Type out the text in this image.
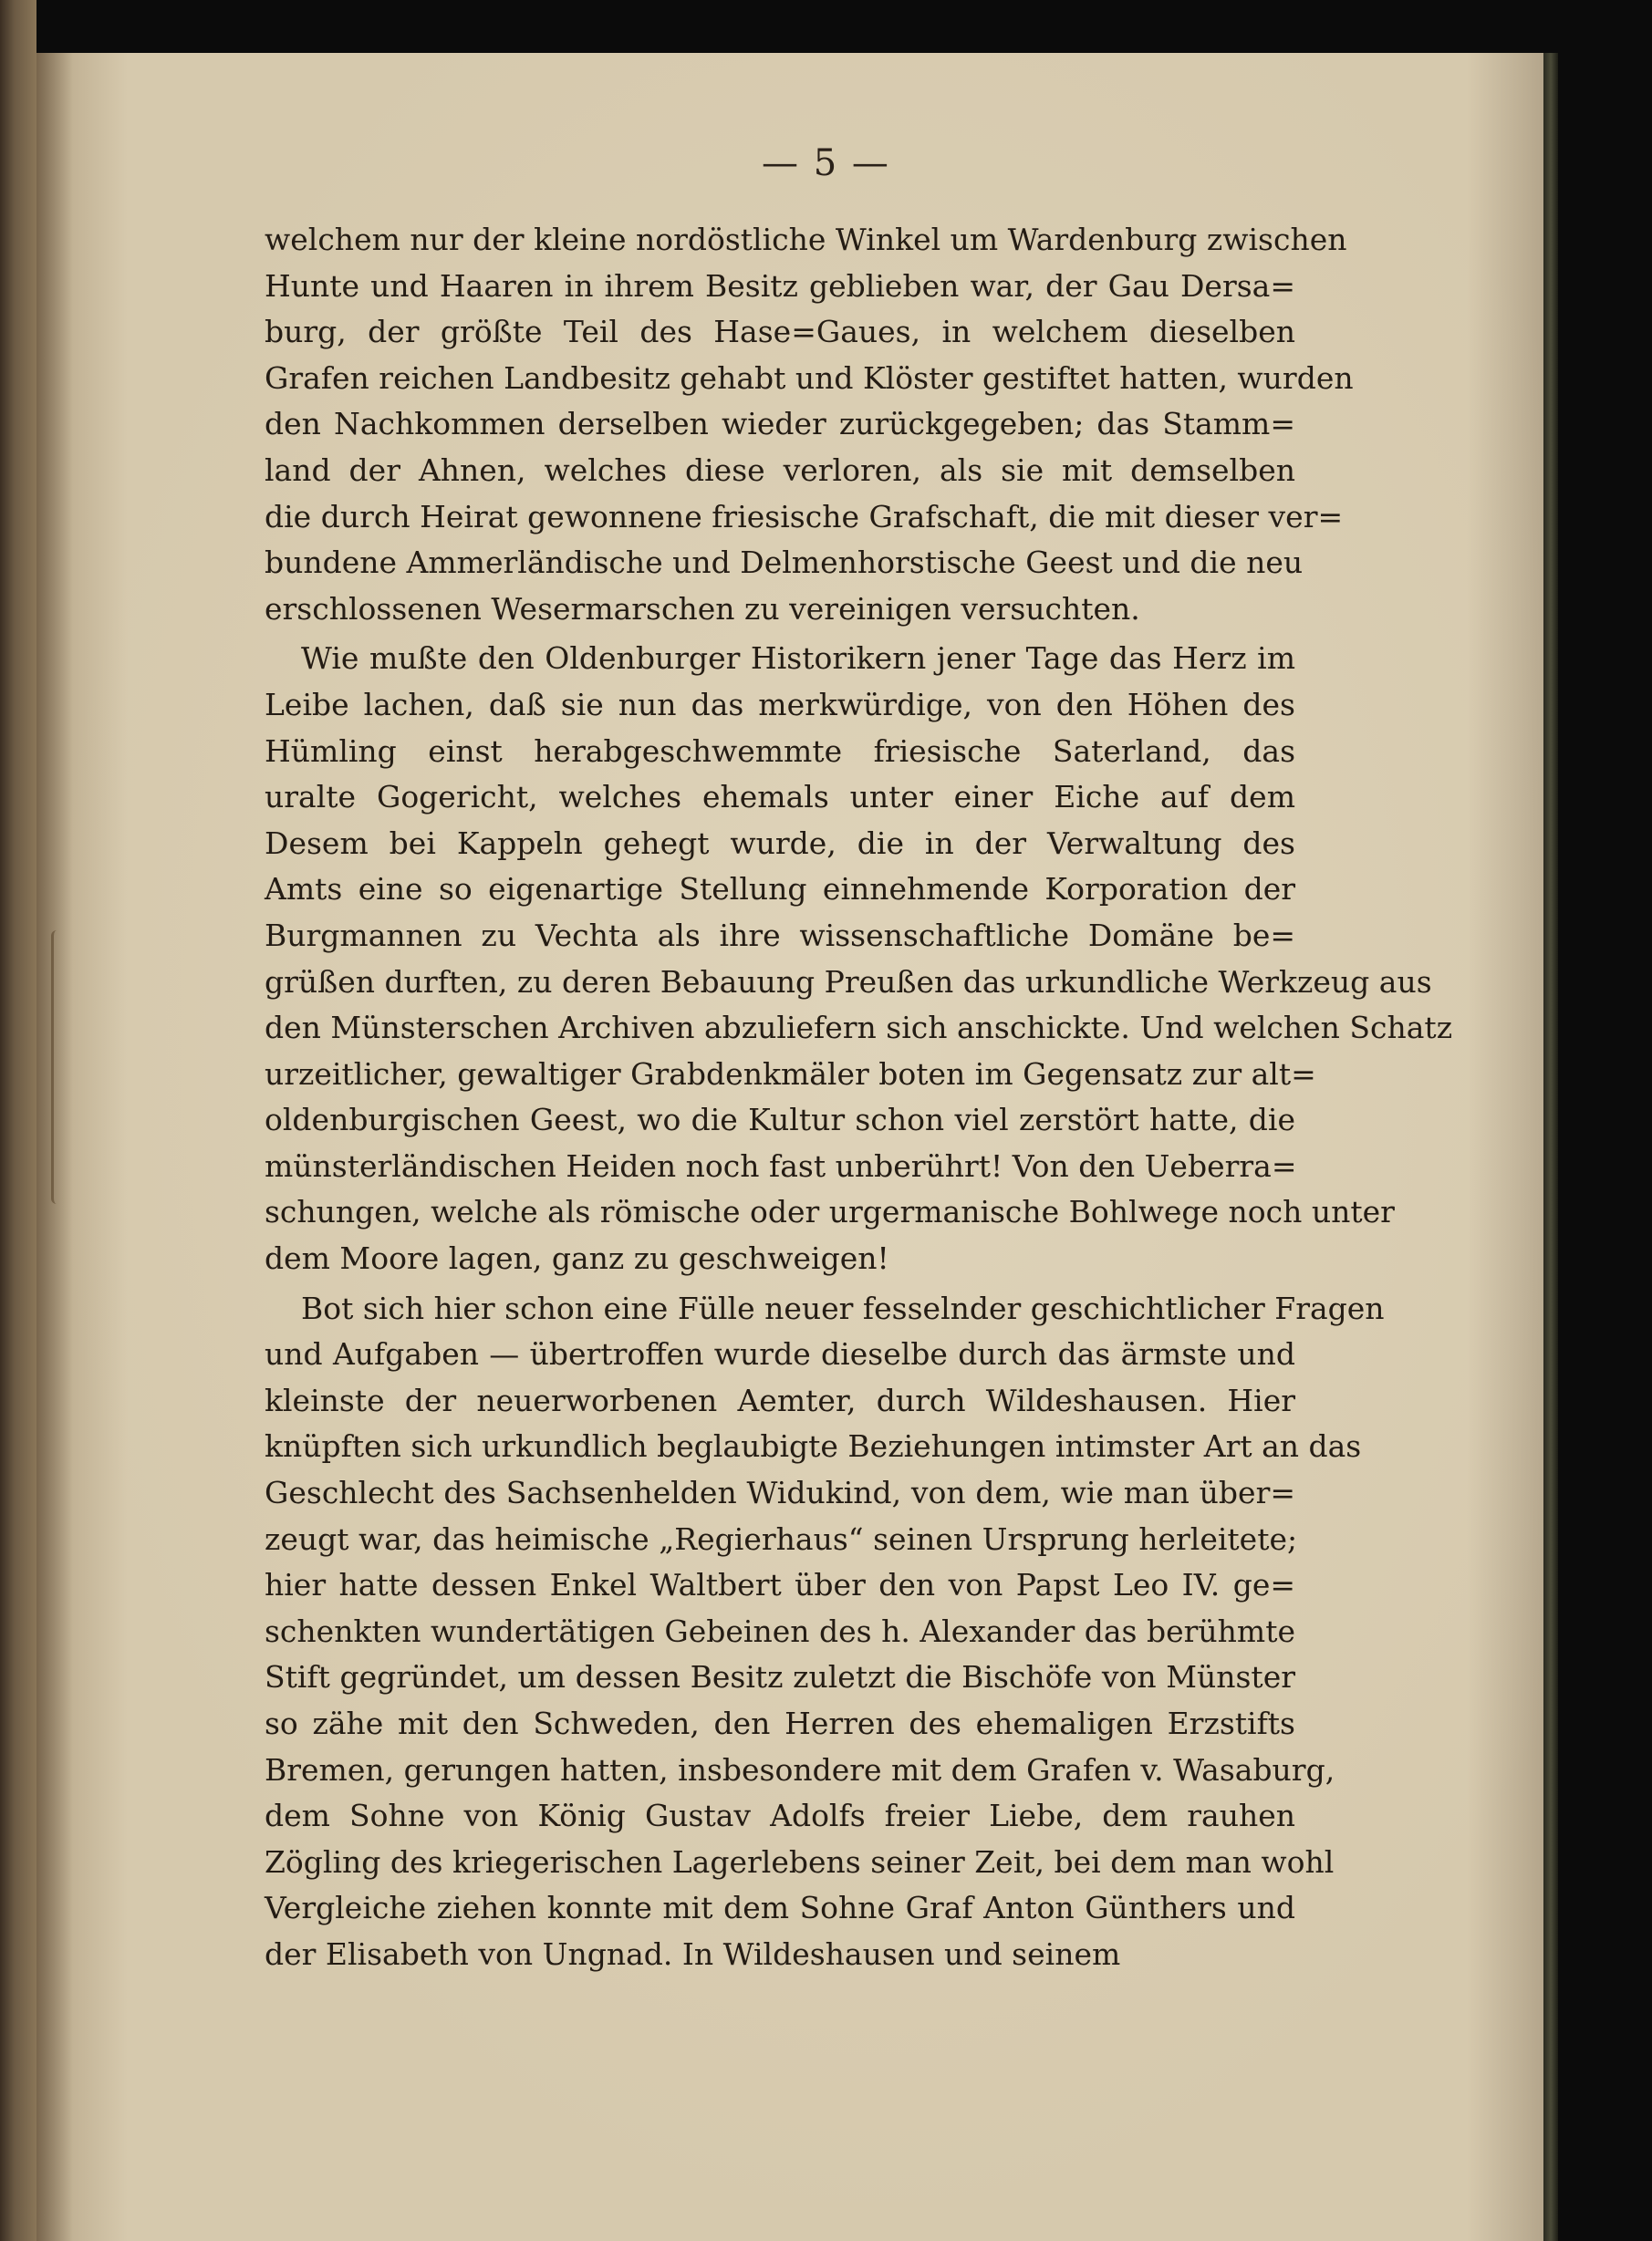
— 5 —
welchem nur der kleine nordöstliche Winkel um Wardenburg zwischen
Hunte und Haaren in ihrem Besitz geblieben war, der Gau Dersa=
burg, der größte Teil des Hase=Gaues, in welchem dieselben
Grafen reichen Landbesitz gehabt und Klöster gestiftet hatten, wurden
den Nachkommen derselben wieder zurückgegeben; das Stamm=
land der Ahnen, welches diese verloren, als sie mit demselben
die durch Heirat gewonnene friesische Grafschaft, die mit dieser ver=
bundene Ammerländische und Delmenhorstische Geest und die neu
erschlossenen Wesermarschen zu vereinigen versuchten.
Wie mußte den Oldenburger Historikern jener Tage das Herz im
Leibe lachen, daß sie nun das merkwürdige, von den Höhen des
Hümling einst herabgeschwemmte friesische Saterland, das
uralte Gogericht, welches ehemals unter einer Eiche auf dem
Desem bei Kappeln gehegt wurde, die in der Verwaltung des
Amts eine so eigenartige Stellung einnehmende Korporation der
Burgmannen zu Vechta als ihre wissenschaftliche Domäne be=
grüßen durften, zu deren Bebauung Preußen das urkundliche Werkzeug aus
den Münsterschen Archiven abzuliefern sich anschickte. Und welchen Schatz
urzeitlicher, gewaltiger Grabdenkmäler boten im Gegensatz zur alt=
oldenburgischen Geest, wo die Kultur schon viel zerstört hatte, die
münsterländischen Heiden noch fast unberührt! Von den Ueberra=
schungen, welche als römische oder urgermanische Bohlwege noch unter
dem Moore lagen, ganz zu geschweigen!
Bot sich hier schon eine Fülle neuer fesselnder geschichtlicher Fragen
und Aufgaben — übertroffen wurde dieselbe durch das ärmste und
kleinste der neuerworbenen Aemter, durch Wildeshausen. Hier
knüpften sich urkundlich beglaubigte Beziehungen intimster Art an das
Geschlecht des Sachsenhelden Widukind, von dem, wie man über=
zeugt war, das heimische „Regierhaus“ seinen Ursprung herleitete;
hier hatte dessen Enkel Waltbert über den von Papst Leo IV. ge=
schenkten wundertätigen Gebeinen des h. Alexander das berühmte
Stift gegründet, um dessen Besitz zuletzt die Bischöfe von Münster
so zähe mit den Schweden, den Herren des ehemaligen Erzstifts
Bremen, gerungen hatten, insbesondere mit dem Grafen v. Wasaburg,
dem Sohne von König Gustav Adolfs freier Liebe, dem rauhen
Zögling des kriegerischen Lagerlebens seiner Zeit, bei dem man wohl
Vergleiche ziehen konnte mit dem Sohne Graf Anton Günthers und
der Elisabeth von Ungnad. In Wildeshausen und seinem
